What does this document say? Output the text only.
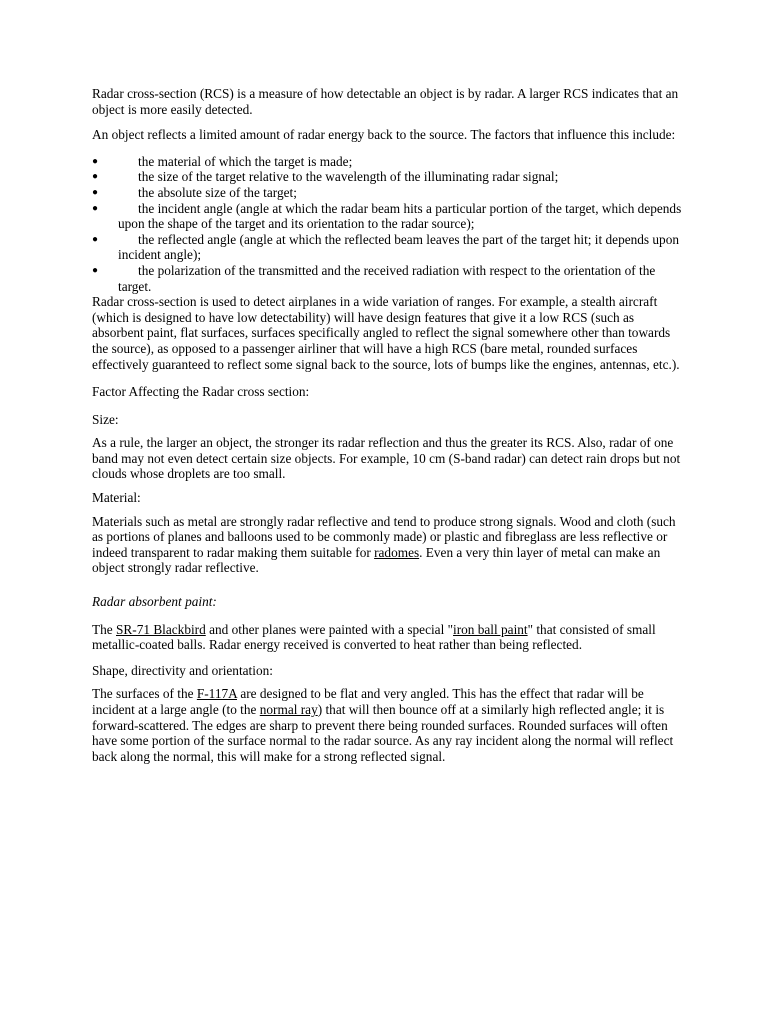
Radar cross-section (RCS) is a measure of how detectable an object is by radar. A larger RCS indicates that an object is more easily detected.

An object reflects a limited amount of radar energy back to the source. The factors that influence this include:

●	the material of which the target is made;
●	the size of the target relative to the wavelength of the illuminating radar signal;
●	the absolute size of the target;
●	the incident angle (angle at which the radar beam hits a particular portion of the target, which depends upon the shape of the target and its orientation to the radar source);
●	the reflected angle (angle at which the reflected beam leaves the part of the target hit; it depends upon incident angle);
●	the polarization of the transmitted and the received radiation with respect to the orientation of the target.

Radar cross-section is used to detect airplanes in a wide variation of ranges. For example, a stealth aircraft (which is designed to have low detectability) will have design features that give it a low RCS (such as absorbent paint, flat surfaces, surfaces specifically angled to reflect the signal somewhere other than towards the source), as opposed to a passenger airliner that will have a high RCS (bare metal, rounded surfaces effectively guaranteed to reflect some signal back to the source, lots of bumps like the engines, antennas, etc.).

Factor Affecting the Radar cross section:

Size:

As a rule, the larger an object, the stronger its radar reflection and thus the greater its RCS. Also, radar of one band may not even detect certain size objects. For example, 10 cm (S-band radar) can detect rain drops but not clouds whose droplets are too small.

Material:

Materials such as metal are strongly radar reflective and tend to produce strong signals. Wood and cloth (such as portions of planes and balloons used to be commonly made) or plastic and fibreglass are less reflective or indeed transparent to radar making them suitable for radomes. Even a very thin layer of metal can make an object strongly radar reflective.

Radar absorbent paint:

The SR-71 Blackbird and other planes were painted with a special "iron ball paint" that consisted of small metallic-coated balls. Radar energy received is converted to heat rather than being reflected.

Shape, directivity and orientation:

The surfaces of the F-117A are designed to be flat and very angled. This has the effect that radar will be incident at a large angle (to the normal ray) that will then bounce off at a similarly high reflected angle; it is forward-scattered. The edges are sharp to prevent there being rounded surfaces. Rounded surfaces will often have some portion of the surface normal to the radar source. As any ray incident along the normal will reflect back along the normal, this will make for a strong reflected signal.
